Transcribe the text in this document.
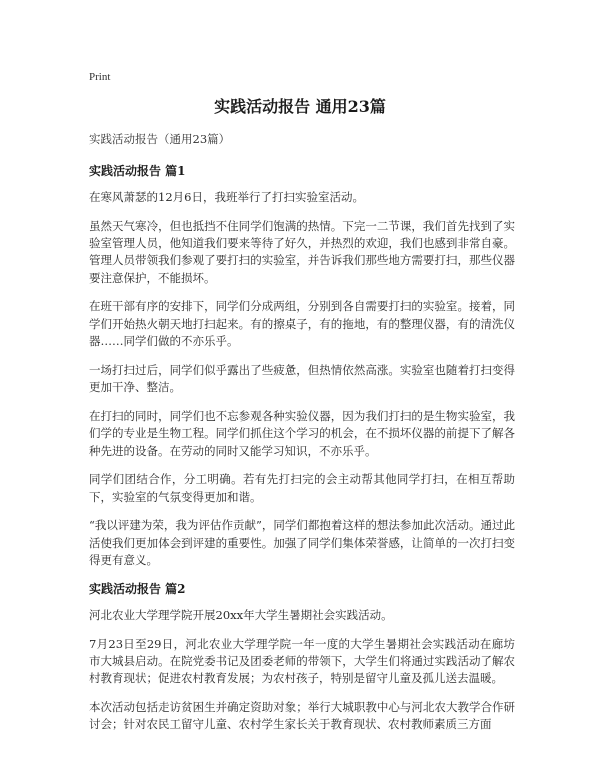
Print
实践活动报告 通用23篇

实践活动报告（通用23篇）

实践活动报告 篇1

在寒风萧瑟的12月6日，我班举行了打扫实验室活动。

虽然天气寒冷，但也抵挡不住同学们饱满的热情。下完一二节课，我们首先找到了实验室管理人员，他知道我们要来等待了好久，并热烈的欢迎，我们也感到非常自豪。管理人员带领我们参观了要打扫的实验室，并告诉我们那些地方需要打扫，那些仪器要注意保护，不能损坏。

在班干部有序的安排下，同学们分成两组，分别到各自需要打扫的实验室。接着，同学们开始热火朝天地打扫起来。有的擦桌子，有的拖地，有的整理仪器，有的清洗仪器……同学们做的不亦乐乎。

一场打扫过后，同学们似乎露出了些疲惫，但热情依然高涨。实验室也随着打扫变得更加干净、整洁。

在打扫的同时，同学们也不忘参观各种实验仪器，因为我们打扫的是生物实验室，我们学的专业是生物工程。同学们抓住这个学习的机会，在不损坏仪器的前提下了解各种先进的设备。在劳动的同时又能学习知识，不亦乐乎。

同学们团结合作，分工明确。若有先打扫完的会主动帮其他同学打扫，在相互帮助下，实验室的气氛变得更加和谐。

“我以评建为荣，我为评估作贡献”，同学们都抱着这样的想法参加此次活动。通过此活使我们更加体会到评建的重要性。加强了同学们集体荣誉感，让简单的一次打扫变得更有意义。

实践活动报告 篇2

河北农业大学理学院开展20xx年大学生暑期社会实践活动。

7月23日至29日，河北农业大学理学院一年一度的大学生暑期社会实践活动在廊坊市大城县启动。在院党委书记及团委老师的带领下，大学生们将通过实践活动了解农村教育现状；促进农村教育发展；为农村孩子，特别是留守儿童及孤儿送去温暖。

本次活动包括走访贫困生并确定资助对象；举行大城职教中心与河北农大教学合作研讨会；针对农民工留守儿童、农村学生家长关于教育现状、农村教师素质三方面
